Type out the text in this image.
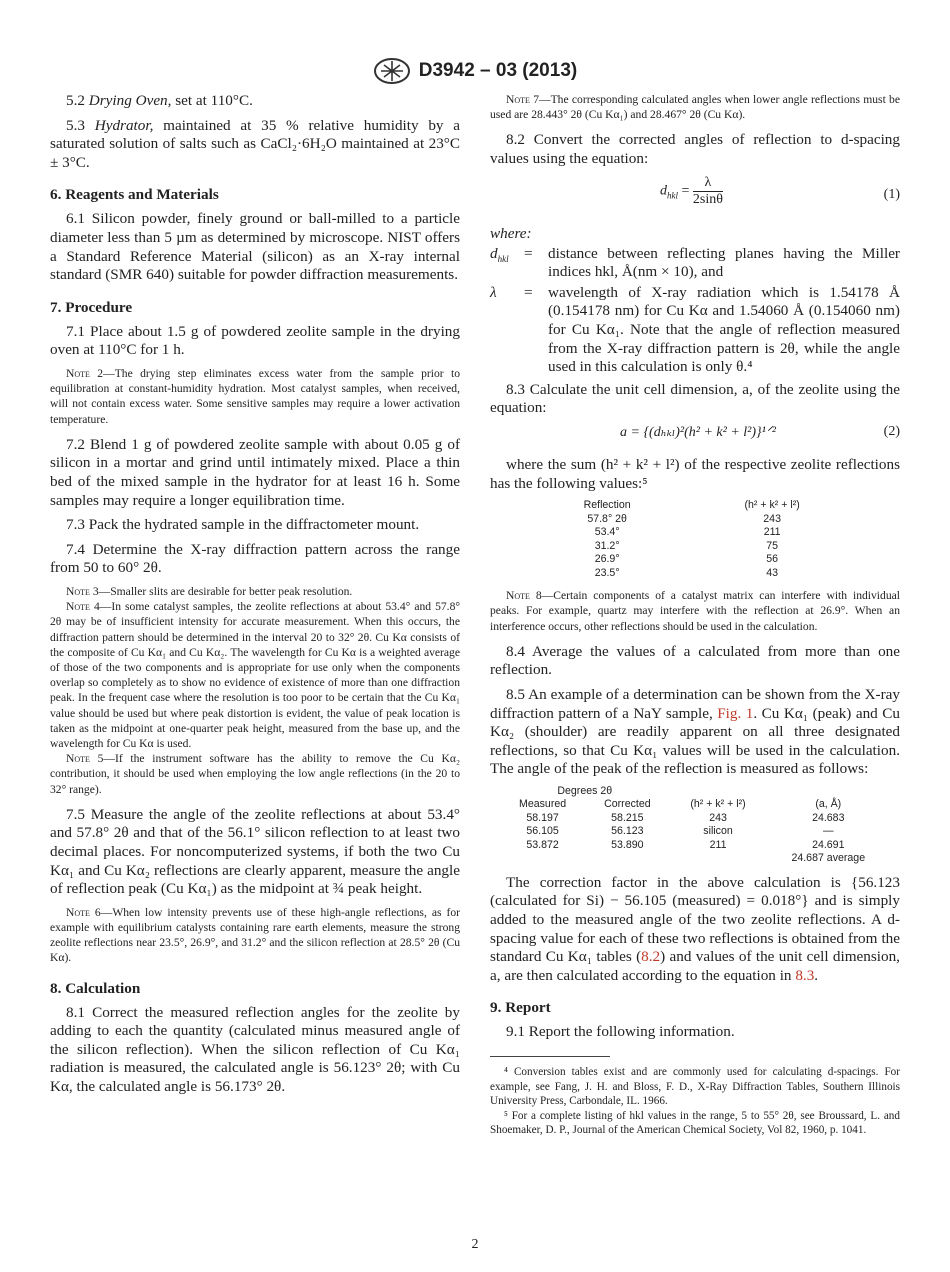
D3942 – 03 (2013)
5.2 Drying Oven, set at 110°C.
5.3 Hydrator, maintained at 35 % relative humidity by a saturated solution of salts such as CaCl₂·6H₂O maintained at 23°C ± 3°C.
6. Reagents and Materials
6.1 Silicon powder, finely ground or ball-milled to a particle diameter less than 5 µm as determined by microscope. NIST offers a Standard Reference Material (silicon) as an X-ray internal standard (SMR 640) suitable for powder diffraction measurements.
7. Procedure
7.1 Place about 1.5 g of powdered zeolite sample in the drying oven at 110°C for 1 h.
Note 2—The drying step eliminates excess water from the sample prior to equilibration at constant-humidity hydration. Most catalyst samples, when received, will not contain excess water. Some sensitive samples may require a lower activation temperature.
7.2 Blend 1 g of powdered zeolite sample with about 0.05 g of silicon in a mortar and grind until intimately mixed. Place a thin bed of the mixed sample in the hydrator for at least 16 h. Some samples may require a longer equilibration time.
7.3 Pack the hydrated sample in the diffractometer mount.
7.4 Determine the X-ray diffraction pattern across the range from 50 to 60° 2θ.
Note 3—Smaller slits are desirable for better peak resolution.
Note 4—In some catalyst samples, the zeolite reflections at about 53.4° and 57.8° 2θ may be of insufficient intensity for accurate measurement. When this occurs, the diffraction pattern should be determined in the interval 20 to 32° 2θ. Cu Kα consists of the composite of Cu Kα₁ and Cu Kα₂. The wavelength for Cu Kα is a weighted average of those of the two components and is appropriate for use only when the components overlap so completely as to show no evidence of existence of more than one diffraction peak. In the frequent case where the resolution is too poor to be certain that the Cu Kα₁ value should be used but where peak distortion is evident, the value of peak location is taken as the midpoint at one-quarter peak height, measured from the base up, and the wavelength for Cu Kα is used.
Note 5—If the instrument software has the ability to remove the Cu Kα₂ contribution, it should be used when employing the low angle reflections (in the 20 to 32° range).
7.5 Measure the angle of the zeolite reflections at about 53.4° and 57.8° 2θ and that of the 56.1° silicon reflection to at least two decimal places. For noncomputerized systems, if both the two Cu Kα₁ and Cu Kα₂ reflections are clearly apparent, measure the angle of reflection peak (Cu Kα₁) as the midpoint at ¾ peak height.
Note 6—When low intensity prevents use of these high-angle reflections, as for example with equilibrium catalysts containing rare earth elements, measure the strong zeolite reflections near 23.5°, 26.9°, and 31.2° and the silicon reflection at 28.5° 2θ (Cu Kα).
8. Calculation
8.1 Correct the measured reflection angles for the zeolite by adding to each the quantity (calculated minus measured angle of the silicon reflection). When the silicon reflection of Cu Kα₁ radiation is measured, the calculated angle is 56.123° 2θ; with Cu Kα, the calculated angle is 56.173° 2θ.
Note 7—The corresponding calculated angles when lower angle reflections must be used are 28.443° 2θ (Cu Kα₁) and 28.467° 2θ (Cu Kα).
8.2 Convert the corrected angles of reflection to d-spacing values using the equation:
$d_{hkl} = \frac{\lambda}{2\sin\theta}$	(1)
where:
$d_{hkl}$	=	distance between reflecting planes having the Miller indices hkl, Å(nm × 10), and
λ	=	wavelength of X-ray radiation which is 1.54178 Å (0.154178 nm) for Cu Kα and 1.54060 Å (0.154060 nm) for Cu Kα₁. Note that the angle of reflection measured from the X-ray diffraction pattern is 2θ, while the angle used in this calculation is only θ.⁴
8.3 Calculate the unit cell dimension, a, of the zeolite using the equation:
a = {(dₕₖₗ)²(h² + k² + l²)}¹ᐟ²	(2)
where the sum (h² + k² + l²) of the respective zeolite reflections has the following values:⁵
Reflection	(h² + k² + l²)
57.8° 2θ	243
53.4°	211
31.2°	75
26.9°	56
23.5°	43
Note 8—Certain components of a catalyst matrix can interfere with individual peaks. For example, quartz may interfere with the reflection at 26.9°. When an interference occurs, other reflections should be used in the calculation.
8.4 Average the values of a calculated from more than one reflection.
8.5 An example of a determination can be shown from the X-ray diffraction pattern of a NaY sample, Fig. 1. Cu Kα₁ (peak) and Cu Kα₂ (shoulder) are readily apparent on all three designated reflections, so that Cu Kα₁ values will be used in the calculation. The angle of the peak of the reflection is measured as follows:
Degrees 2θ			
Measured	Corrected	(h² + k² + l²)	(a, Å)
58.197	58.215	243	24.683
56.105	56.123	silicon	—
53.872	53.890	211	24.691
			24.687 average
The correction factor in the above calculation is {56.123 (calculated for Si) − 56.105 (measured) = 0.018°} and is simply added to the measured angle of the two zeolite reflections. A d-spacing value for each of these two reflections is obtained from the standard Cu Kα₁ tables (8.2) and values of the unit cell dimension, a, are then calculated according to the equation in 8.3.
9. Report
9.1 Report the following information.
⁴ Conversion tables exist and are commonly used for calculating d-spacings. For example, see Fang, J. H. and Bloss, F. D., X-Ray Diffraction Tables, Southern Illinois University Press, Carbondale, IL. 1966.
⁵ For a complete listing of hkl values in the range, 5 to 55° 2θ, see Broussard, L. and Shoemaker, D. P., Journal of the American Chemical Society, Vol 82, 1960, p. 1041.
2
